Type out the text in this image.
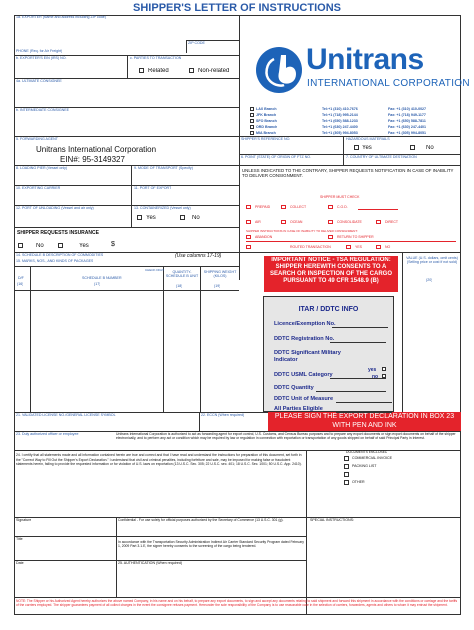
SHIPPER'S LETTER OF INSTRUCTIONS
1a. EXPORTER (Name and address including ZIP code)
ZIP CODE
PHONE (Req. for Air Freight)
b. EXPORTER'S EIN (IRS) NO.	c. PARTIES TO TRANSACTION
Related	Non-related
4a. ULTIMATE CONSIGNEE
b. INTERMEDIATE CONSIGNEE
Unitrans
INTERNATIONAL CORPORATION
5. FORWARDING AGENT
Unitrans International Corporation
EIN#: 95-3149327
SHIPPER'S REFERENCE NO.	HAZARDOUS MATERIALS
Yes	No
6. POINT (STATE) OF ORIGIN OF FTZ NO.	7. COUNTRY OF ULTIMATE DESTINATION
8. LOADING PIER (Vessel only)	9. MODE OF TRANSPORT (Specify)	UNLESS INDICATED TO THE CONTRARY, SHIPPER REQUESTS NOTIFICATION IN CASE OF INABILITY TO DELIVER CONSIGNMENT.
10. EXPORTING CARRIER	11. PORT OF EXPORT
12. PORT OF UNLOADING (Vessel and air only)	13. CONTAINERIZED (Vessel only)
Yes	No
SHIPPER REQUESTS INSURANCE
No	Yes	$
SHIPPER MUST CHECK
PREPAID	COLLECT	C.O.D.
AIR	OCEAN	CONSOLIDATE	DIRECT
SHIPPER INSTRUCTIONS IN CASE OF INABILITY TO DELIVER CONSIGNMENT:
ABANDON	RETURN TO SHIPPER
ROUTED TRANSACTION	YES	NO
14. SCHEDULE B DESCRIPTION OF COMMODITIES	(Use columns 17-19)
15. MARKS, NOS., AND KINDS OF PACKAGES
D/F
(16)
SCHEDULE B NUMBER
(17)
CHECK DIGIT	QUANTITY-SCHEDULE B UNIT
(18)
SHIPPING WEIGHT (KILOS)
(19)
IMPORTANT NOTICE - TSA REGULATION: SHIPPER HEREWITH CONSENTS TO A SEARCH OR INSPECTION OF THE CARGO PURSUANT TO 49 CFR 1548.9 (B)
VALUE (U.S. dollars, omit cents) (Selling price or cost if not sold)
(20)
ITAR / DDTC INFO
yes
no
21. VALIDATED LICENSE NO./GENERAL LICENSE SYMBOL	22. ECCN (When required)	PLEASE SIGN THE EXPORT DECLARATION IN BOX 23 WITH PEN AND INK
23. Duly authorized officer or employee	Unitrans International Corporation is authorized to act as forwarding agent for export control, U.S. Customs, and Census Bureau purposes and to prepare any export documents or sign export documents on behalf of the shipper electronically, and to perform any act or condition which may be required by law or regulation in connection with exportation or transportation of any goods shipped on behalf of said Principal Party in Interest.
24. I certify that all statements made and all information contained herein are true and correct and that I have read and understand the instructions for preparation of this document, set forth in the "Correct Way to Fill Out the Shipper's Export Declaration." I understand that civil and criminal penalties, including forfeiture and sale, may be imposed for making false or fraudulent statements herein, failing to provide the requested information or for violation of U.S. laws on exportation (13 U.S.C. Sec. 305; 22 U.S.C. sec. 401; 18 U.S.C. Sec. 1001; 50 U.S.C. App. 2410).
DOCUMENTS ENCLOSED
Signature	Confidential - For use solely for official purposes authorized by the Secretary of Commerce (13 U.S.C. 301 (g).
Title
In accordance with the Transportation Security Administration Indirect Air Carrier Standard Security Program dated February 1, 2009 Part 3.1.E, the signer hereby consents to the screening of the cargo being tendered.
Date	25. AUTHENTICATION (When required)
SPECIAL INSTRUCTIONS:
NOTE: The Shipper or his Authorized Agent hereby authorizes the above named Company, in his name and on his behalf, to prepare any export documents, to sign and accept any documents relating to said shipment and forward this shipment in accordance with the conditions or carriage and the tariffs of the carriers employed. The shipper guarantees payment of all collect charges in the event the consignee refuses payment. Hereunder the sole responsibility of the Company is to use reasonable care in the selection of carriers, forwarders, agents and others to whom it may entrust the shipment.
LAX Branch	Tel:+1 (310) 410-7676	Fax: +1 (310) 410-0027
JFK Branch	Tel:+1 (718) 995-2144	Fax: +1 (718) 949-1177
SFO Branch	Tel:+1 (650) 588-1233	Fax: +1 (650) 588-7811
ORD Branch	Tel:+1 (630) 247-4400	Fax: +1 (630) 247-4401
MIA Branch	Tel:+1 (305) 994-8053	Fax: +1 (305) 994-8051
Licence/Exemption No.
DDTC Registration No.
DDTC Significant Military Indicator
DDTC USML Category
DDTC Quantity
DDTC Unit of Measure
All Parties Eligible
COMMERCIAL INVOICE
PACKING LIST
OTHER
